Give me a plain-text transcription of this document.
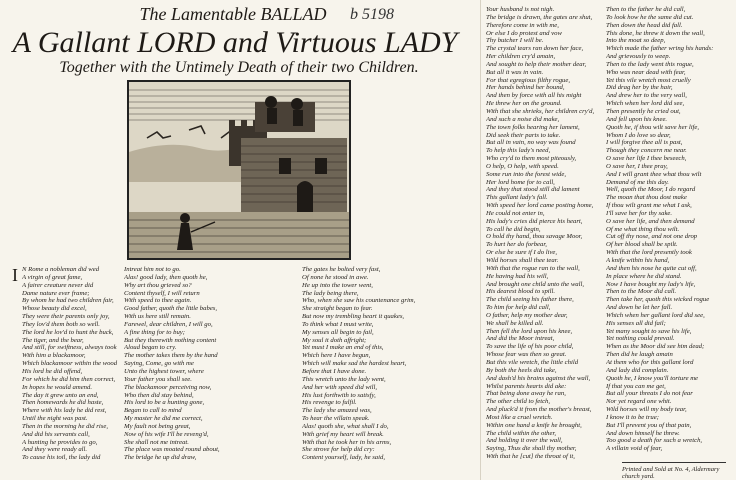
The Lamentable BALLAD	b 5198
A Gallant LORD and Virtuous LADY
Together with the Untimely Death of their two Children.
I N Rome a nobleman did wed
A virgin of great fame,
A fairer creature never did
Dame nature ever frame;
By whom he had two children fair,
Whose beauty did excel,
They were their parents only joy,
They lov'd them both so well.
The lord he lov'd to hunt the buck,
The tiger, and the bear,
And still, for swiftness, always took
With him a blackamoor,
Which blackamoor within the wood
His lord he did offend,
For which he did him then correct,
In hopes he would amend.
The day it grew unto an end,
Then homewards he did haste,
Where with his lady he did rest,
Until the night was past.
Then in the morning he did rise,
And did his servants call,
A hunting he provides to go,
And they were ready all.
To cause his toil, the lady did
Intreat him not to go.
Alas! good lady, then quoth he,
Why art thou grieved so?
Content thyself, I will return
With speed to thee again.
Good father, quoth the little babes,
With us here still remain.
Farewel, dear children, I will go,
A fine thing for to buy;
But they therewith nothing content
Aloud began to cry.
The mother takes them by the hand
Saying, Come, go with me
Unto the highest tower, where
Your father you shall see.
The blackamoor perceiving now,
Who then did stay behind,
His lord to be a hunting gone,
Began to call to mind
My master he did me correct,
My fault not being great,
Now of his wife I'll be reveng'd,
She shall not me intreat.
The place was moated round about,
The bridge he up did draw,
The gates he bolted very fast,
Of none he stood in awe.
He up into the tower went,
The lady being there,
Who, when she saw his countenance grim,
She straight began to fear.
But now my trembling heart it quakes,
To think what I must write,
My senses all begin to fail,
My soul it doth affright;
Yet must I make an end of this,
Which here I have begun,
Which will make sad the hardest heart,
Before that I have done.
This wretch unto the lady went,
And her with speed did will,
His lust forthwith to satisfy,
His revenge to fulfil.
The lady she amazed was,
To hear the villain speak.
Alas! quoth she, what shall I do,
With grief my heart will break.
With that he took her in his arms,
She strove for help did cry:
Content yourself, lady, he said,
Your husband is not nigh.
The bridge is drawn, the gates are shut,
Therefore come in with me,
Or else I do protest and vow
Thy butcher I will be.
The crystal tears ran down her face,
Her children cry'd amain,
And sought to help their mother dear,
But all it was in vain.
For that egregious filthy rogue,
Her hands behind her bound,
And then by force with all his might
He threw her on the ground.
With that she shrieks, her children cry'd,
And such a noise did make,
The town folks hearing her lament,
Did seek their parts to take.
But all in vain, no way was found
To help this lady's need,
Who cry'd to them most piteously,
O help, O help, with speed.
Some run into the forest wide,
Her lord home for to call,
And they that stood still did lament
This gallant lady's fall.
With speed her lord came posting home,
He could not enter in,
His lady's cries did pierce his heart,
To call he did begin,
O hold thy hand, thou savage Moor,
To hurt her do forbear,
Or else be sure if I do live,
Wild horses shall thee tear.
With that the rogue ran to the wall,
He having had his will,
And brought one child unto the wall,
His dearest blood to spill.
The child seeing his father there,
To him for help did call,
O father, help my mother dear,
We shall be killed all.
Then fell the lord upon his knee,
And did the Moor intreat,
To save the life of his poor child,
Whose fear was then so great.
But this vile wretch, the little child
By both the heels did take,
And dash'd his brains against the wall,
Whilst parents hearts did ake:
That being done away he ran,
The other child to fetch,
And pluck'd it from the mother's breast,
Most like a cruel wretch.
Within one hand a knife he brought,
The child within the other,
And holding it over the wall,
Saying, Thus die shall thy mother,
With that he [cut] the throat of it,
Then to the father he did call,
To look how he the same did cut.
Then down the head did fall.
This done, he threw it down the wall,
Into the moat so deep,
Which made the father wring his hands:
And grievously to weep.
Then to the lady went this rogue,
Who was near dead with fear,
Yet this vile wretch most cruelly
Did drag her by the hair,
And drew her to the very wall,
Which when her lord did see,
Then presently he cried out,
And fell upon his knee.
Quoth he, if thou wilt save her life,
Whom I do love so dear,
I will forgive thee all is past,
Though they concern me near.
O save her life I thee beseech,
O save her, I thee pray,
And I will grant thee what thou wilt
Demand of me this day.
Well, quoth the Moor, I do regard
The moan that thou dost make
If thou wilt grant me what I ask,
I'll save her for thy sake.
O save her life, and then demand
Of me what thing thou wilt.
Cut off thy nose, and not one drop
Of her blood shall be spilt.
With that the lord presently took
A knife within his hand,
And then his nose he quite cut off,
In place where he did stand.
Now I have bought my lady's life,
Then to the Moor did call.
Then take her, quoth this wicked rogue
And down he let her fall.
Which when her gallant lord did see,
His senses all did fail;
Yet many sought to save his life,
Yet nothing could prevail.
When as the Moor did see him dead;
Then did he laugh amain
At them who for this gallant lord
And lady did complain.
Quoth he, I know you'll torture me
If that you can me get,
But all your threats I do not fear
Nor yet regard one whit.
Wild horses will my body tear,
I know it to be true;
But I'll prevent you of that pain,
And down himself he threw.
Too good a death for such a wretch,
A villain void of fear,
Printed and Sold at No. 4, Aldermary church yard.
